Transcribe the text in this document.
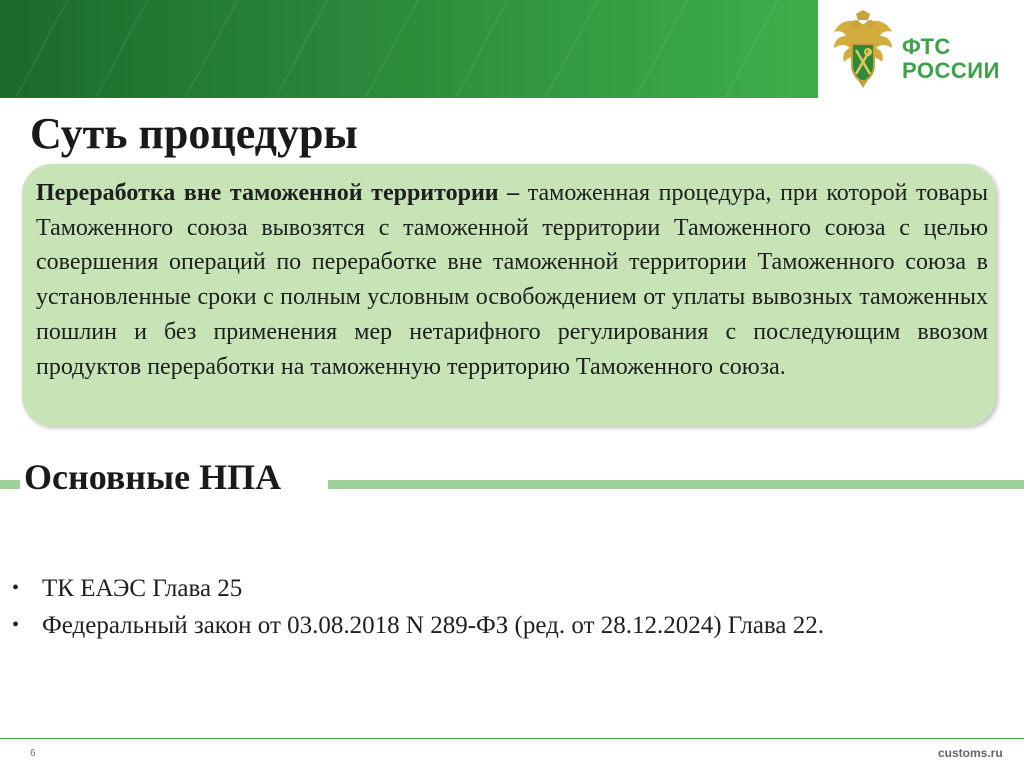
ФТС
РОССИИ
Суть процедуры

Переработка вне таможенной территории – таможенная процедура, при которой товары Таможенного союза вывозятся с таможенной территории Таможенного союза с целью совершения операций по переработке вне таможенной территории Таможенного союза в установленные сроки с полным условным освобождением от уплаты вывозных таможенных пошлин и без применения мер нетарифного регулирования с последующим ввозом продуктов переработки на таможенную территорию Таможенного союза.

Основные НПА
• ТК ЕАЭС Глава 25
• Федеральный закон от 03.08.2018 N 289-ФЗ (ред. от 28.12.2024) Глава 22.
6	customs.ru
